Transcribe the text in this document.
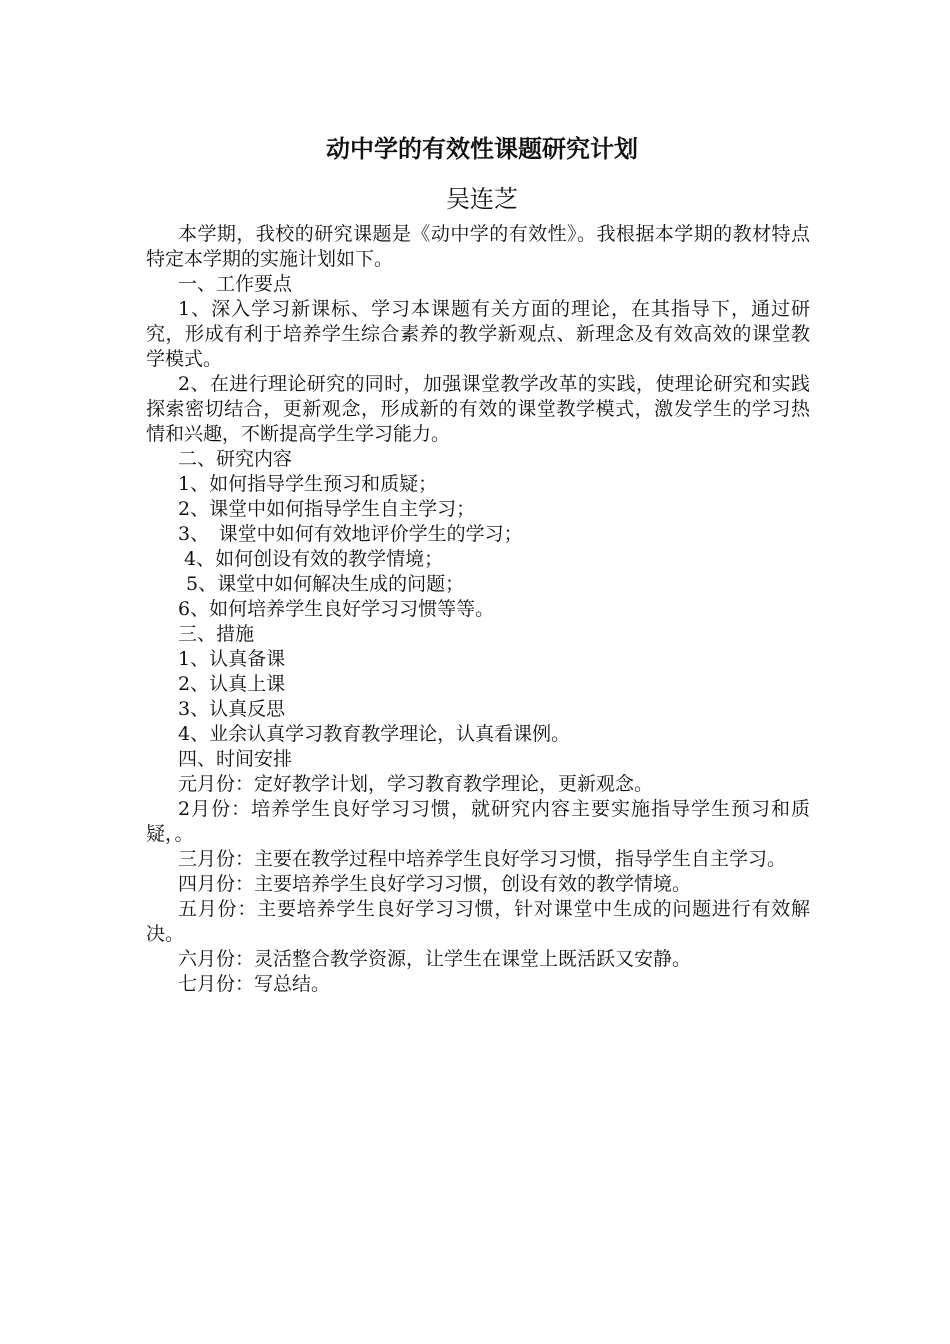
动中学的有效性课题研究计划
吴连芝

本学期，我校的研究课题是《动中学的有效性》。我根据本学期的教材特点特定本学期的实施计划如下。

一、工作要点

1、深入学习新课标、学习本课题有关方面的理论，在其指导下，通过研究，形成有利于培养学生综合素养的教学新观点、新理念及有效高效的课堂教学模式。

2、在进行理论研究的同时，加强课堂教学改革的实践，使理论研究和实践探索密切结合，更新观念，形成新的有效的课堂教学模式，激发学生的学习热情和兴趣，不断提高学生学习能力。

二、研究内容

1、如何指导学生预习和质疑；

2、课堂中如何指导学生自主学习；

3、　课堂中如何有效地评价学生的学习；

4、如何创设有效的教学情境；

5、课堂中如何解决生成的问题；

6、如何培养学生良好学习习惯等等。

三、措施

1、认真备课

2、认真上课

3、认真反思

4、业余认真学习教育教学理论，认真看课例。

四、时间安排

元月份：定好教学计划，学习教育教学理论，更新观念。

2月份：培养学生良好学习习惯，就研究内容主要实施指导学生预习和质疑，。

三月份：主要在教学过程中培养学生良好学习习惯，指导学生自主学习。

四月份：主要培养学生良好学习习惯，创设有效的教学情境。

五月份：主要培养学生良好学习习惯，针对课堂中生成的问题进行有效解决。

六月份：灵活整合教学资源，让学生在课堂上既活跃又安静。

七月份：写总结。
